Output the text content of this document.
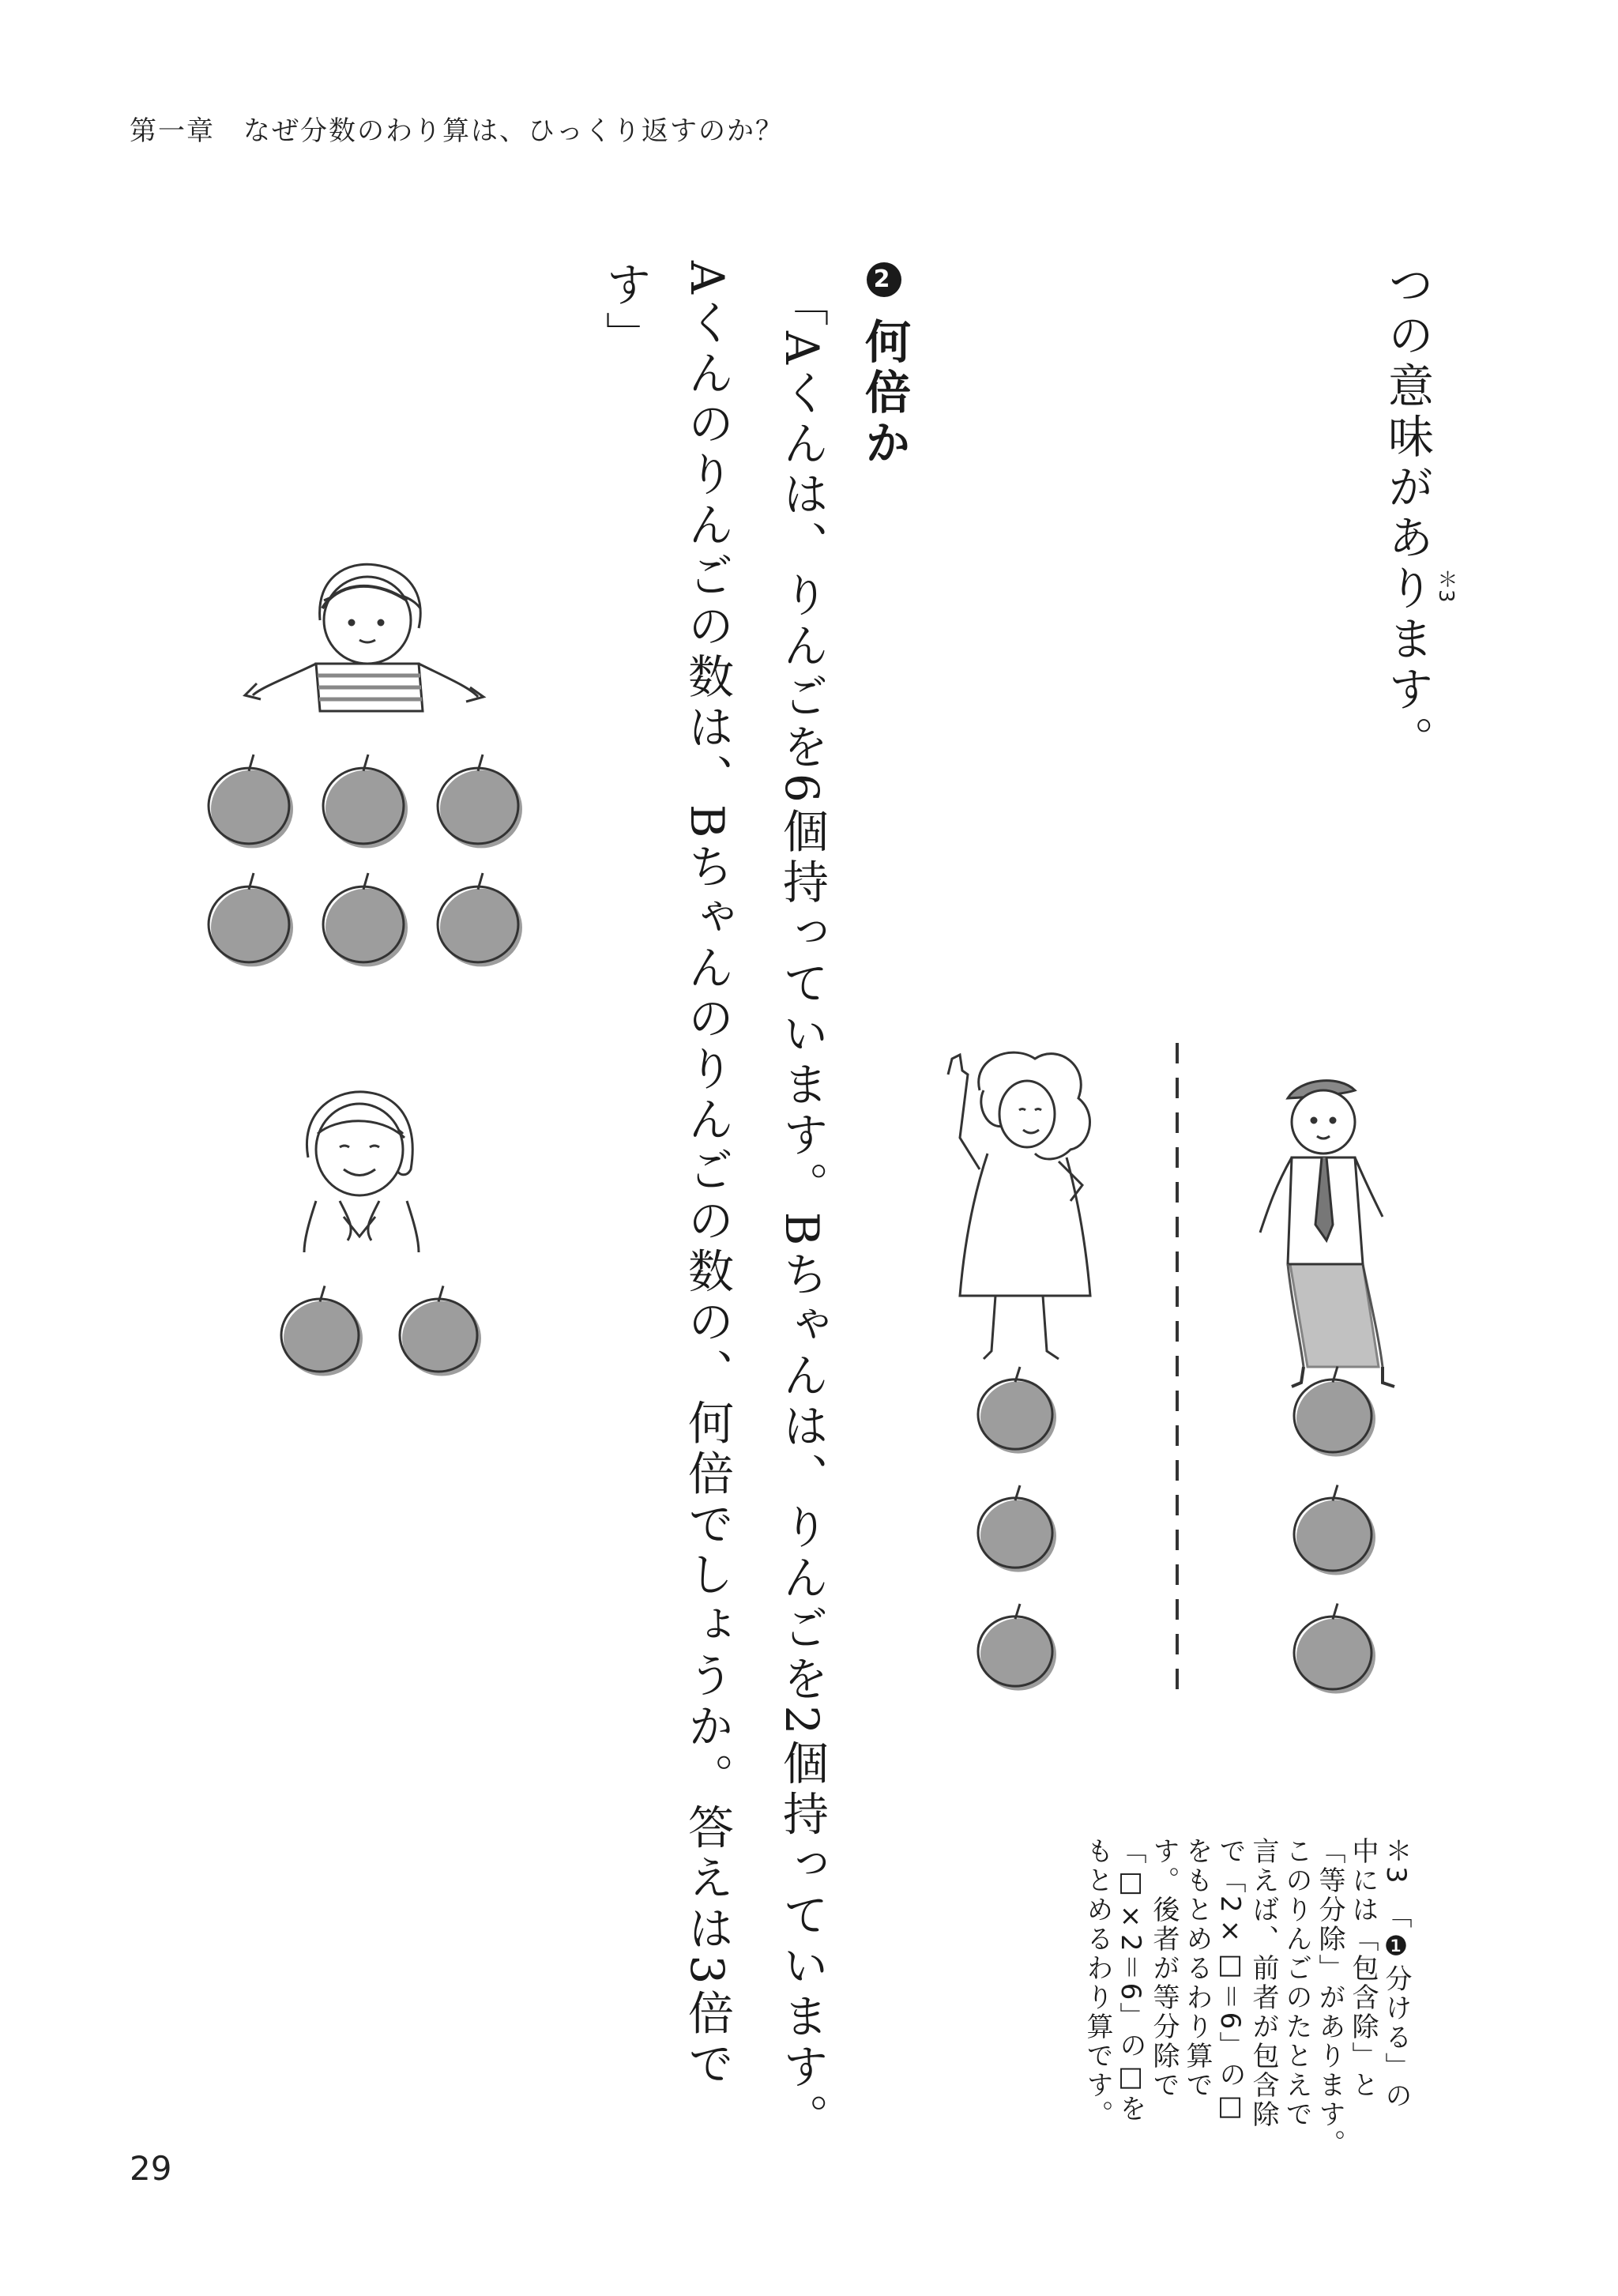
第一章　なぜ分数のわり算は、ひっくり返すのか？
つの意味があります。 ＊3
2何倍か
「Aくんは、りんごを6個持っています。Bちゃんは、りんごを2個持っています。
Aくんのりんごの数は、Bちゃんのりんごの数の、何倍でしょうか。答えは3倍で
す」
＊3　「❶分ける」の
中には「包含除」と
「等分除」があります。
このりんごのたとえで
言えば、前者が包含除
で「2×□＝6」の□
をもとめるわり算で
す。後者が等分除で
「□×2＝6」の□を
もとめるわり算です。
29
